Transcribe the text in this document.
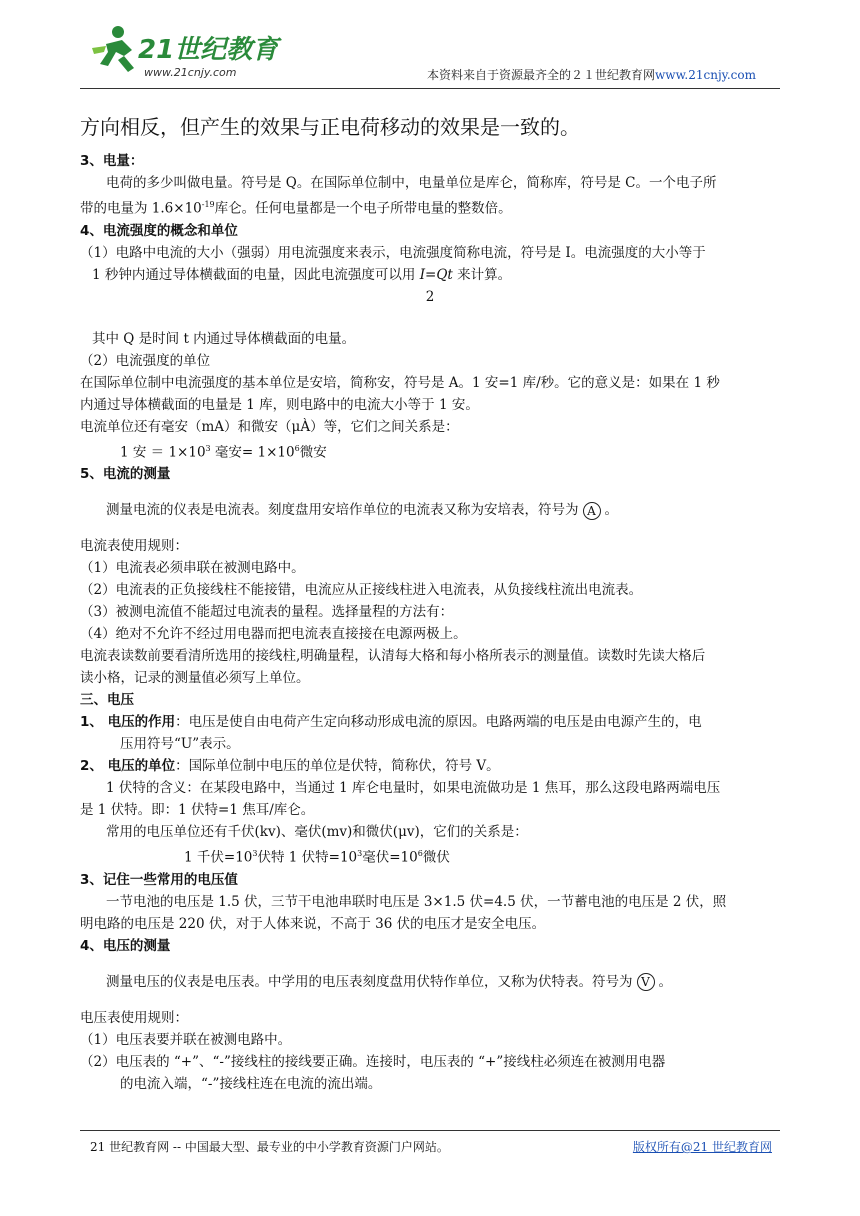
21世纪教育
www.21cnjy.com	本资料来自于资源最齐全的２１世纪教育网www.21cnjy.com
方向相反，但产生的效果与正电荷移动的效果是一致的。
3、电量：
电荷的多少叫做电量。符号是 Q。在国际单位制中，电量单位是库仑，简称库，符号是 C。一个电子所
带的电量为 $1.6\times 10^{-19}$库仑。任何电量都是一个电子所带电量的整数倍。
4、电流强度的概念和单位
（1）电路中电流的大小（强弱）用电流强度来表示，电流强度简称电流，符号是 I。电流强度的大小等于
1 秒钟内通过导体横截面的电量，因此电流强度可以用 I=Qt 来计算。
2
其中 Q 是时间 t 内通过导体横截面的电量。
（2）电流强度的单位
在国际单位制中电流强度的基本单位是安培，简称安，符号是 A。1 安=1 库/秒。它的意义是：如果在 1 秒
内通过导体横截面的电量是 1 库，则电路中的电流大小等于 1 安。
电流单位还有毫安（mA）和微安（μÀ）等，它们之间关系是：
1 安 ＝ $1\times 10^3$ 毫安= $1\times 10^6$微安
5、电流的测量
测量电流的仪表是电流表。刻度盘用安培作单位的电流表又称为安培表，符号为 A 。
电流表使用规则：
（1）电流表必须串联在被测电路中。
（2）电流表的正负接线柱不能接错，电流应从正接线柱进入电流表，从负接线柱流出电流表。
（3）被测电流值不能超过电流表的量程。选择量程的方法有：
（4）绝对不允许不经过用电器而把电流表直接接在电源两极上。
电流表读数前要看清所选用的接线柱,明确量程，认清每大格和每小格所表示的测量值。读数时先读大格后
读小格，记录的测量值必须写上单位。
三、电压
1、 电压的作用：电压是使自由电荷产生定向移动形成电流的原因。电路两端的电压是由电源产生的，电
压用符号“U”表示。
2、 电压的单位：国际单位制中电压的单位是伏特，简称伏，符号 V。
1 伏特的含义：在某段电路中，当通过 1 库仑电量时，如果电流做功是 1 焦耳，那么这段电路两端电压
是 1 伏特。即：1 伏特=1 焦耳/库仑。
常用的电压单位还有千伏(kv)、毫伏(mv)和微伏(μv)，它们的关系是：
1 千伏$=10^3$伏特 1 伏特$=10^3$毫伏$=10^6$微伏
3、记住一些常用的电压值
一节电池的电压是 1.5 伏，三节干电池串联时电压是 3×1.5 伏=4.5 伏，一节蓄电池的电压是 2 伏，照
明电路的电压是 220 伏，对于人体来说，不高于 36 伏的电压才是安全电压。
4、电压的测量
测量电压的仪表是电压表。中学用的电压表刻度盘用伏特作单位，又称为伏特表。符号为 V 。
电压表使用规则：
（1）电压表要并联在被测电路中。
（2）电压表的 “+”、“-”接线柱的接线要正确。连接时，电压表的 “+”接线柱必须连在被测用电器
的电流入端，“-”接线柱连在电流的流出端。
21 世纪教育网 -- 中国最大型、最专业的中小学教育资源门户网站。	版权所有@21 世纪教育网
